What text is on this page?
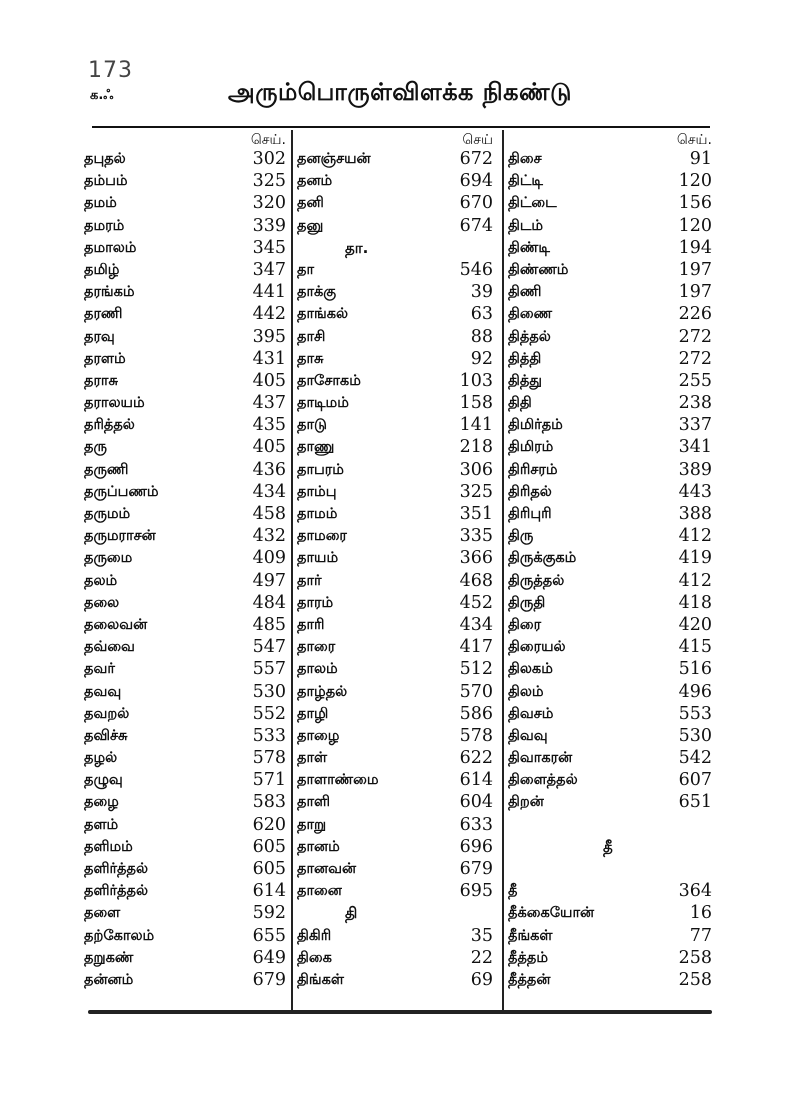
173
க.ஃ	அரும்பொருள்விளக்க நிகண்டு
செய்.
தபுதல்	302
தம்பம்	325
தமம்	320
தமரம்	339
தமாலம்	345
தமிழ்	347
தரங்கம்	441
தரணி	442
தரவு	395
தரளம்	431
தராசு	405
தராலயம்	437
தரித்தல்	435
தரு	405
தருணி	436
தருப்பணம்	434
தருமம்	458
தருமராசன்	432
தருமை	409
தலம்	497
தலை	484
தலைவன்	485
தவ்வை	547
தவர்	557
தவவு	530
தவறல்	552
தவிச்சு	533
தழல்	578
தழுவு	571
தழை	583
தளம்	620
தளிமம்	605
தளிர்த்தல்	605
தளிர்த்தல்	614
தளை	592
தற்கோலம்	655
தறுகண்	649
தன்னம்	679
செய்
தனஞ்சயன்	672
தனம்	694
தனி	670
தனு	674
தா.
தா	546
தாக்கு	39
தாங்கல்	63
தாசி	88
தாசு	92
தாசோகம்	103
தாடிமம்	158
தாடு	141
தாணு	218
தாபரம்	306
தாம்பு	325
தாமம்	351
தாமரை	335
தாயம்	366
தார்	468
தாரம்	452
தாரி	434
தாரை	417
தாலம்	512
தாழ்தல்	570
தாழி	586
தாழை	578
தாள்	622
தாளாண்மை	614
தாளி	604
தாறு	633
தானம்	696
தானவன்	679
தானை	695
தி
திகிரி	35
திகை	22
திங்கள்	69
செய்.
திசை	91
திட்டி	120
திட்டை	156
திடம்	120
திண்டி	194
திண்ணம்	197
திணி	197
திணை	226
தித்தல்	272
தித்தி	272
தித்து	255
திதி	238
திமிர்தம்	337
திமிரம்	341
திரிசரம்	389
திரிதல்	443
திரிபுரி	388
திரு	412
திருக்குகம்	419
திருத்தல்	412
திருதி	418
திரை	420
திரையல்	415
திலகம்	516
திலம்	496
திவசம்	553
திவவு	530
திவாகரன்	542
திளைத்தல்	607
திறன்	651
தீ
தீ	364
தீக்கையோன்	16
தீங்கள்	77
தீத்தம்	258
தீத்தன்	258
